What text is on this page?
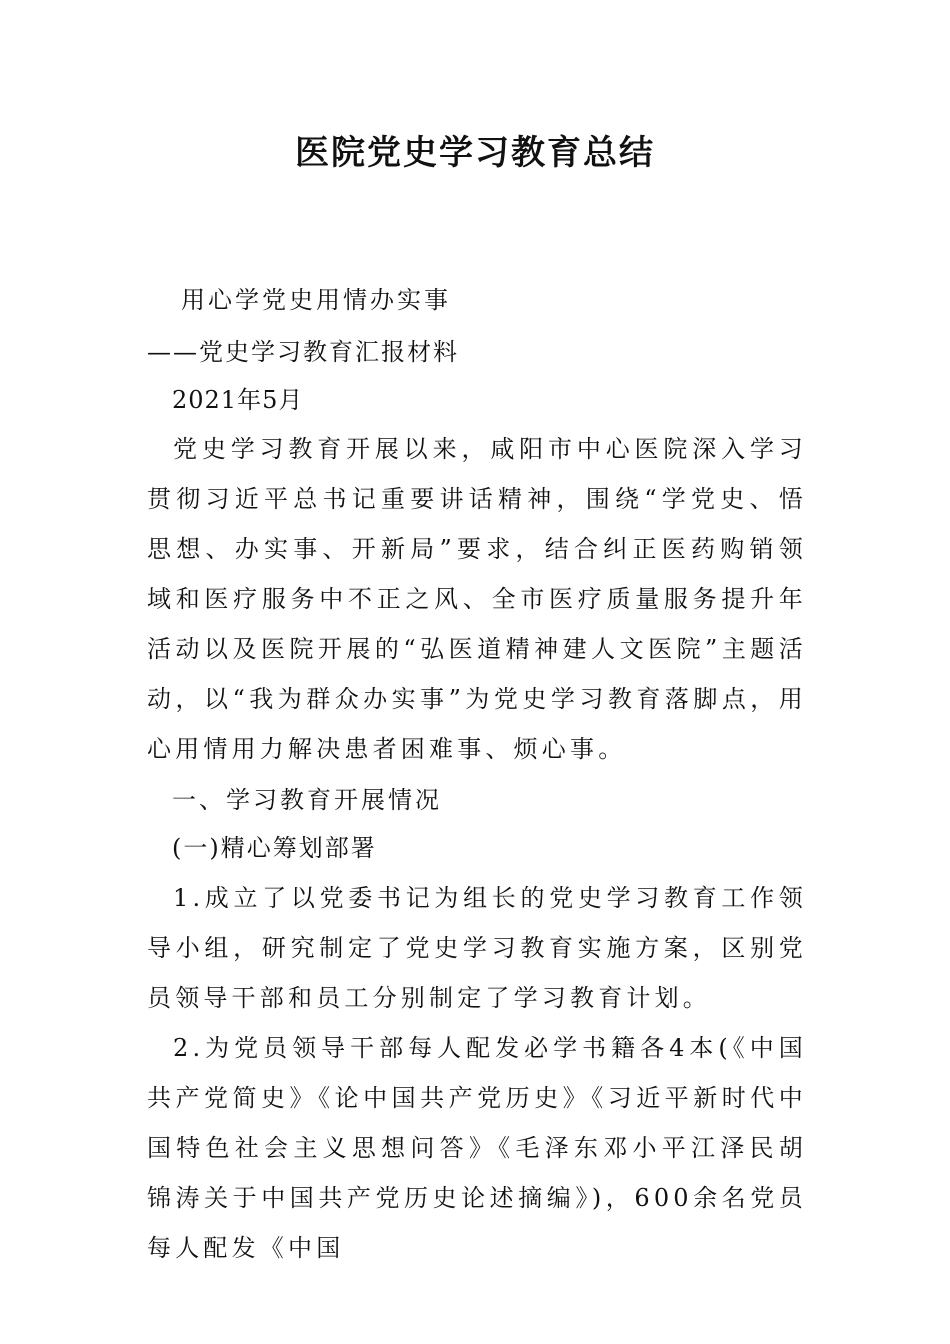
医院党史学习教育总结
用心学党史用情办实事
——党史学习教育汇报材料
2021年5月

党史学习教育开展以来，咸阳市中心医院深入学习贯彻习近平总书记重要讲话精神，围绕“学党史、悟思想、办实事、开新局”要求，结合纠正医药购销领域和医疗服务中不正之风、全市医疗质量服务提升年活动以及医院开展的“弘医道精神建人文医院”主题活动，以“我为群众办实事”为党史学习教育落脚点，用心用情用力解决患者困难事、烦心事。

一、学习教育开展情况
(一)精心筹划部署

1.成立了以党委书记为组长的党史学习教育工作领导小组，研究制定了党史学习教育实施方案，区别党员领导干部和员工分别制定了学习教育计划。

2.为党员领导干部每人配发必学书籍各4本(《中国共产党简史》《论中国共产党历史》《习近平新时代中国特色社会主义思想问答》《毛泽东邓小平江泽民胡锦涛关于中国共产党历史论述摘编》)，600余名党员每人配发《中国
